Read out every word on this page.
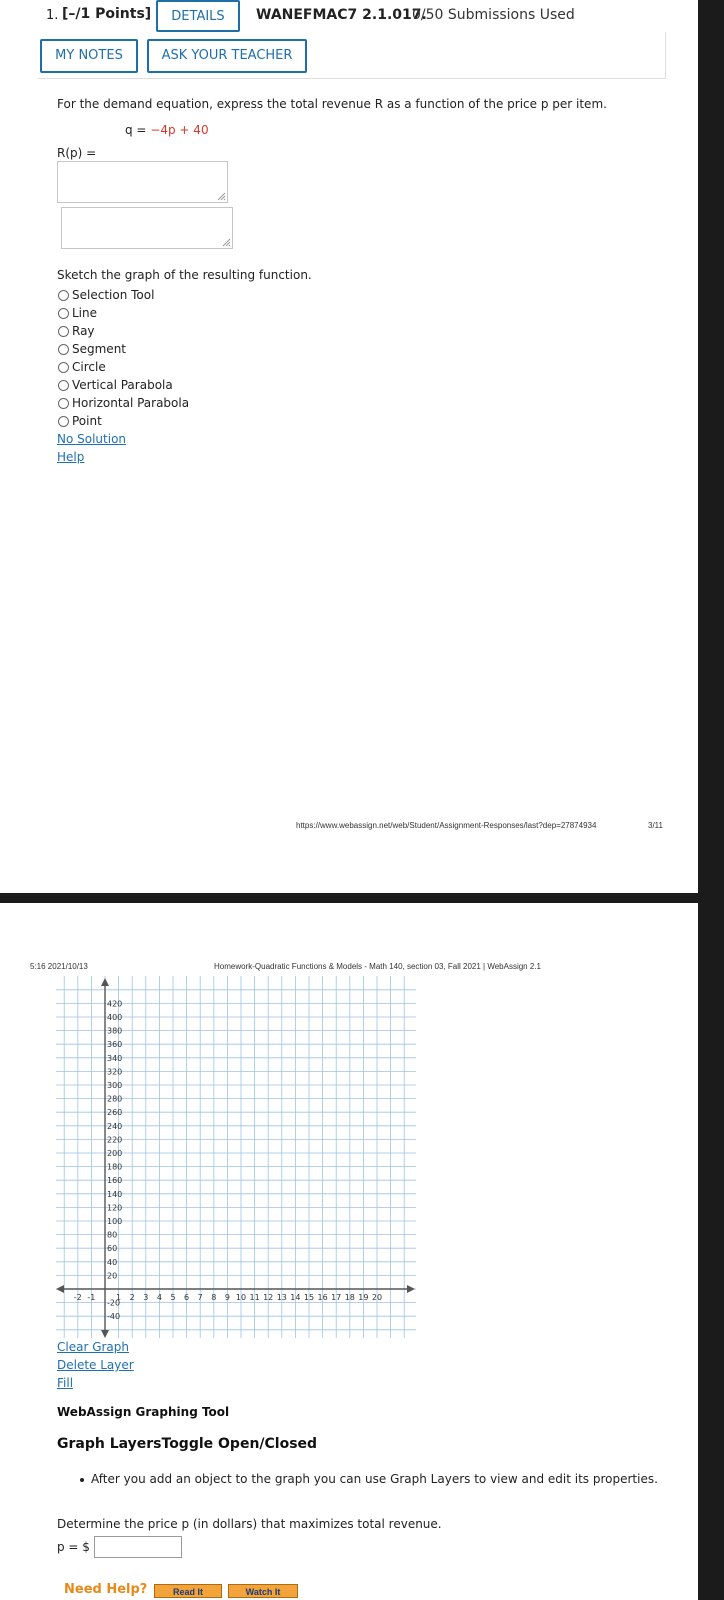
1. [–/1 Points]	DETAILS	WANEFMAC7 2.1.017.
0/50 Submissions Used
MY NOTES	ASK YOUR TEACHER
For the demand equation, express the total revenue R as a function of the price p per item.
q = −4p + 40
R(p) =
Sketch the graph of the resulting function.
Selection Tool
Line
Ray
Segment
Circle
Vertical Parabola
Horizontal Parabola
Point
No Solution
Help
https://www.webassign.net/web/Student/Assignment-Responses/last?dep=27874934	3/11
5:16 2021/10/13	Homework-Quadratic Functions & Models - Math 140, section 03, Fall 2021 | WebAssign 2.1
-2 -1	1 2 3 4 5 6 7 8 9 10 11 12 13 14 15 16 17 18 19 20
420
400
380
360
340
320
300
280
260
240
220
200
180
160
140
120
100
80
60
40
20
-20
-40
Clear Graph
Delete Layer
Fill
WebAssign Graphing Tool
Graph LayersToggle Open/Closed
After you add an object to the graph you can use Graph Layers to view and edit its properties.
Determine the price p (in dollars) that maximizes total revenue.
p = $
Need Help?	Read It	Watch It
